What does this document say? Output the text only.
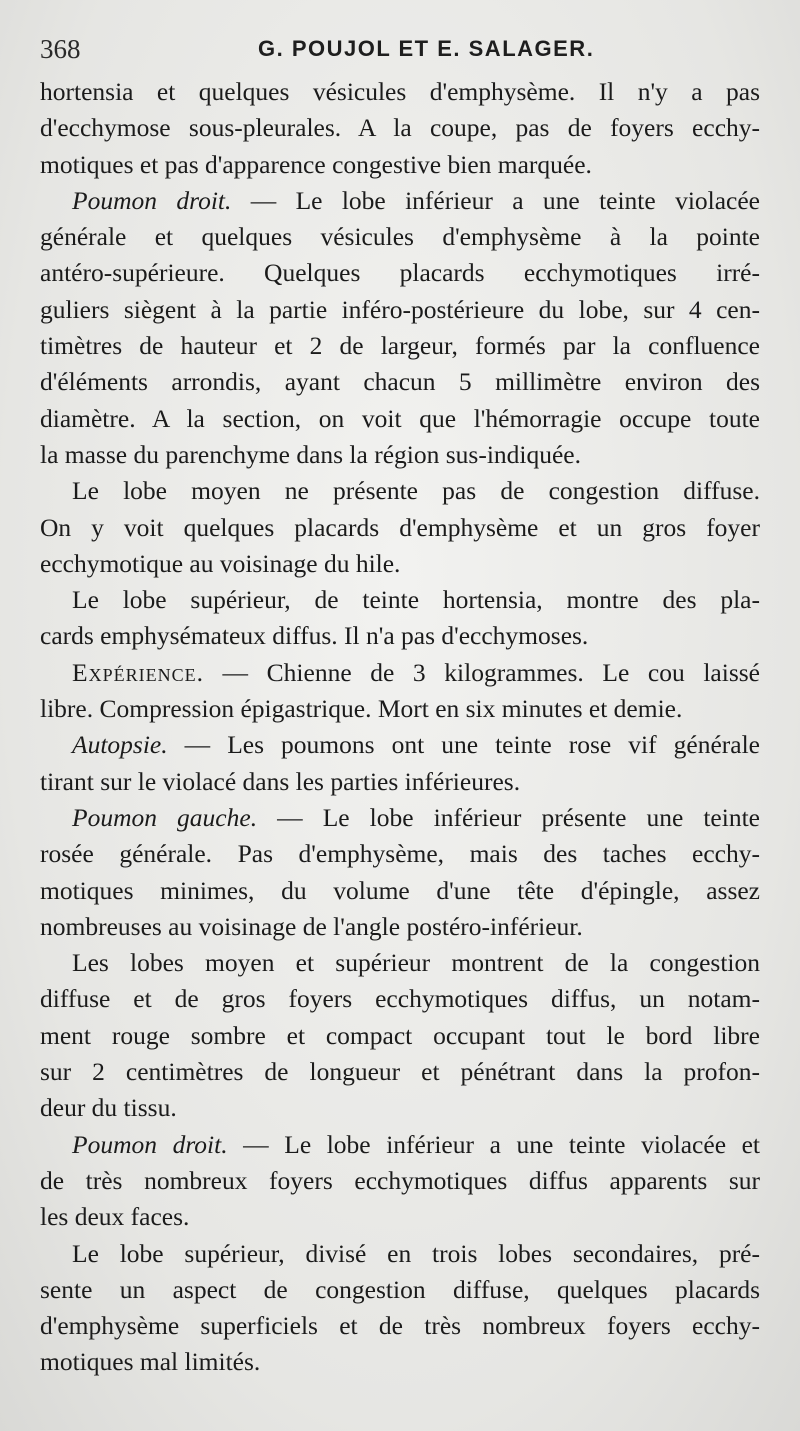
368	G. POUJOL ET E. SALAGER.
hortensia et quelques vésicules d'emphysème. Il n'y a pas
d'ecchymose sous-pleurales. A la coupe, pas de foyers ecchy-
motiques et pas d'apparence congestive bien marquée.
Poumon droit. — Le lobe inférieur a une teinte violacée
générale et quelques vésicules d'emphysème à la pointe
antéro-supérieure. Quelques placards ecchymotiques irré-
guliers siègent à la partie inféro-postérieure du lobe, sur 4 cen-
timètres de hauteur et 2 de largeur, formés par la confluence
d'éléments arrondis, ayant chacun 5 millimètre environ des
diamètre. A la section, on voit que l'hémorragie occupe toute
la masse du parenchyme dans la région sus-indiquée.
Le lobe moyen ne présente pas de congestion diffuse.
On y voit quelques placards d'emphysème et un gros foyer
ecchymotique au voisinage du hile.
Le lobe supérieur, de teinte hortensia, montre des pla-
cards emphysémateux diffus. Il n'a pas d'ecchymoses.
Expérience. — Chienne de 3 kilogrammes. Le cou laissé
libre. Compression épigastrique. Mort en six minutes et demie.
Autopsie. — Les poumons ont une teinte rose vif générale
tirant sur le violacé dans les parties inférieures.
Poumon gauche. — Le lobe inférieur présente une teinte
rosée générale. Pas d'emphysème, mais des taches ecchy-
motiques minimes, du volume d'une tête d'épingle, assez
nombreuses au voisinage de l'angle postéro-inférieur.
Les lobes moyen et supérieur montrent de la congestion
diffuse et de gros foyers ecchymotiques diffus, un notam-
ment rouge sombre et compact occupant tout le bord libre
sur 2 centimètres de longueur et pénétrant dans la profon-
deur du tissu.
Poumon droit. — Le lobe inférieur a une teinte violacée et
de très nombreux foyers ecchymotiques diffus apparents sur
les deux faces.
Le lobe supérieur, divisé en trois lobes secondaires, pré-
sente un aspect de congestion diffuse, quelques placards
d'emphysème superficiels et de très nombreux foyers ecchy-
motiques mal limités.
